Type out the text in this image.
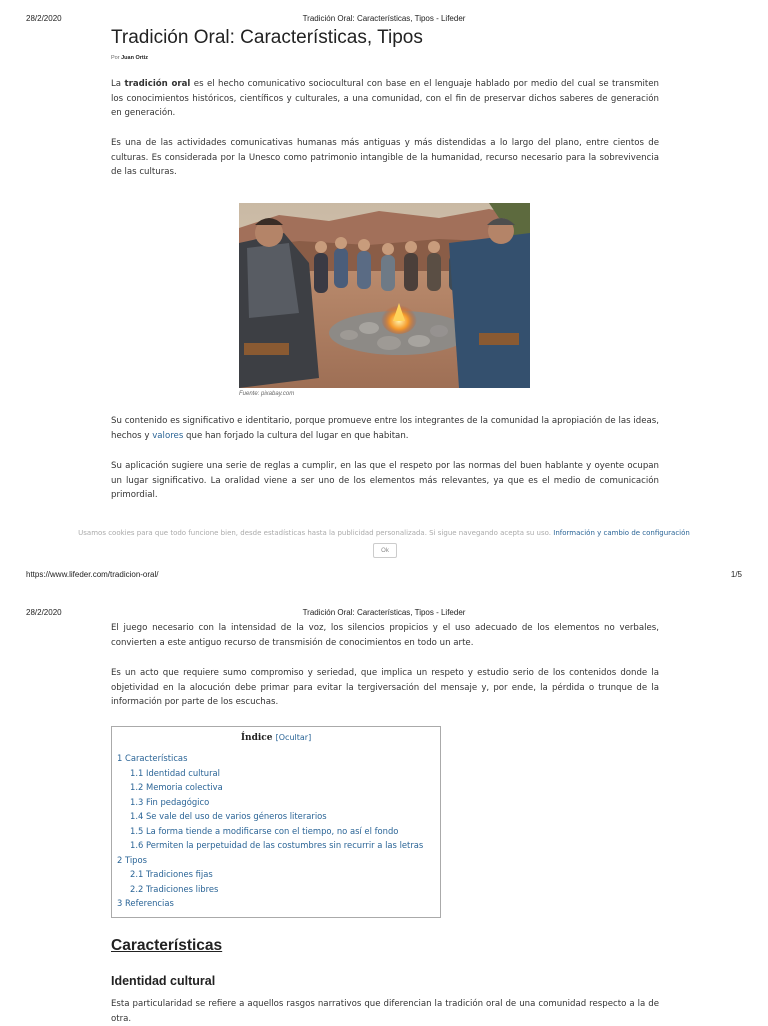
28/2/2020	Tradición Oral: Características, Tipos - Lifeder
Tradición Oral: Características, Tipos
Por Juan Ortiz

La tradición oral es el hecho comunicativo sociocultural con base en el lenguaje hablado por medio del cual se transmiten los conocimientos históricos, científicos y culturales, a una comunidad, con el fin de preservar dichos saberes de generación en generación.

Es una de las actividades comunicativas humanas más antiguas y más distendidas a lo largo del plano, entre cientos de culturas. Es considerada por la Unesco como patrimonio intangible de la humanidad, recurso necesario para la sobrevivencia de las culturas.

Fuente: pixabay.com

Su contenido es significativo e identitario, porque promueve entre los integrantes de la comunidad la apropiación de las ideas, hechos y valores que han forjado la cultura del lugar en que habitan.

Su aplicación sugiere una serie de reglas a cumplir, en las que el respeto por las normas del buen hablante y oyente ocupan un lugar significativo. La oralidad viene a ser uno de los elementos más relevantes, ya que es el medio de comunicación primordial.

Usamos cookies para que todo funcione bien, desde estadísticas hasta la publicidad personalizada. Si sigue navegando acepta su uso. Información y cambio de configuración
Ok
https://www.lifeder.com/tradicion-oral/	1/5
28/2/2020	Tradición Oral: Características, Tipos - Lifeder

El juego necesario con la intensidad de la voz, los silencios propicios y el uso adecuado de los elementos no verbales, convierten a este antiguo recurso de transmisión de conocimientos en todo un arte.

Es un acto que requiere sumo compromiso y seriedad, que implica un respeto y estudio serio de los contenidos donde la objetividad en la alocución debe primar para evitar la tergiversación del mensaje y, por ende, la pérdida o trunque de la información por parte de los escuchas.

Índice [Ocultar]
1 Características
1.1 Identidad cultural
1.2 Memoria colectiva
1.3 Fin pedagógico
1.4 Se vale del uso de varios géneros literarios
1.5 La forma tiende a modificarse con el tiempo, no así el fondo
1.6 Permiten la perpetuidad de las costumbres sin recurrir a las letras
2 Tipos
2.1 Tradiciones fijas
2.2 Tradiciones libres
3 Referencias
Características
Identidad cultural

Esta particularidad se refiere a aquellos rasgos narrativos que diferencian la tradición oral de una comunidad respecto a la de otra.
